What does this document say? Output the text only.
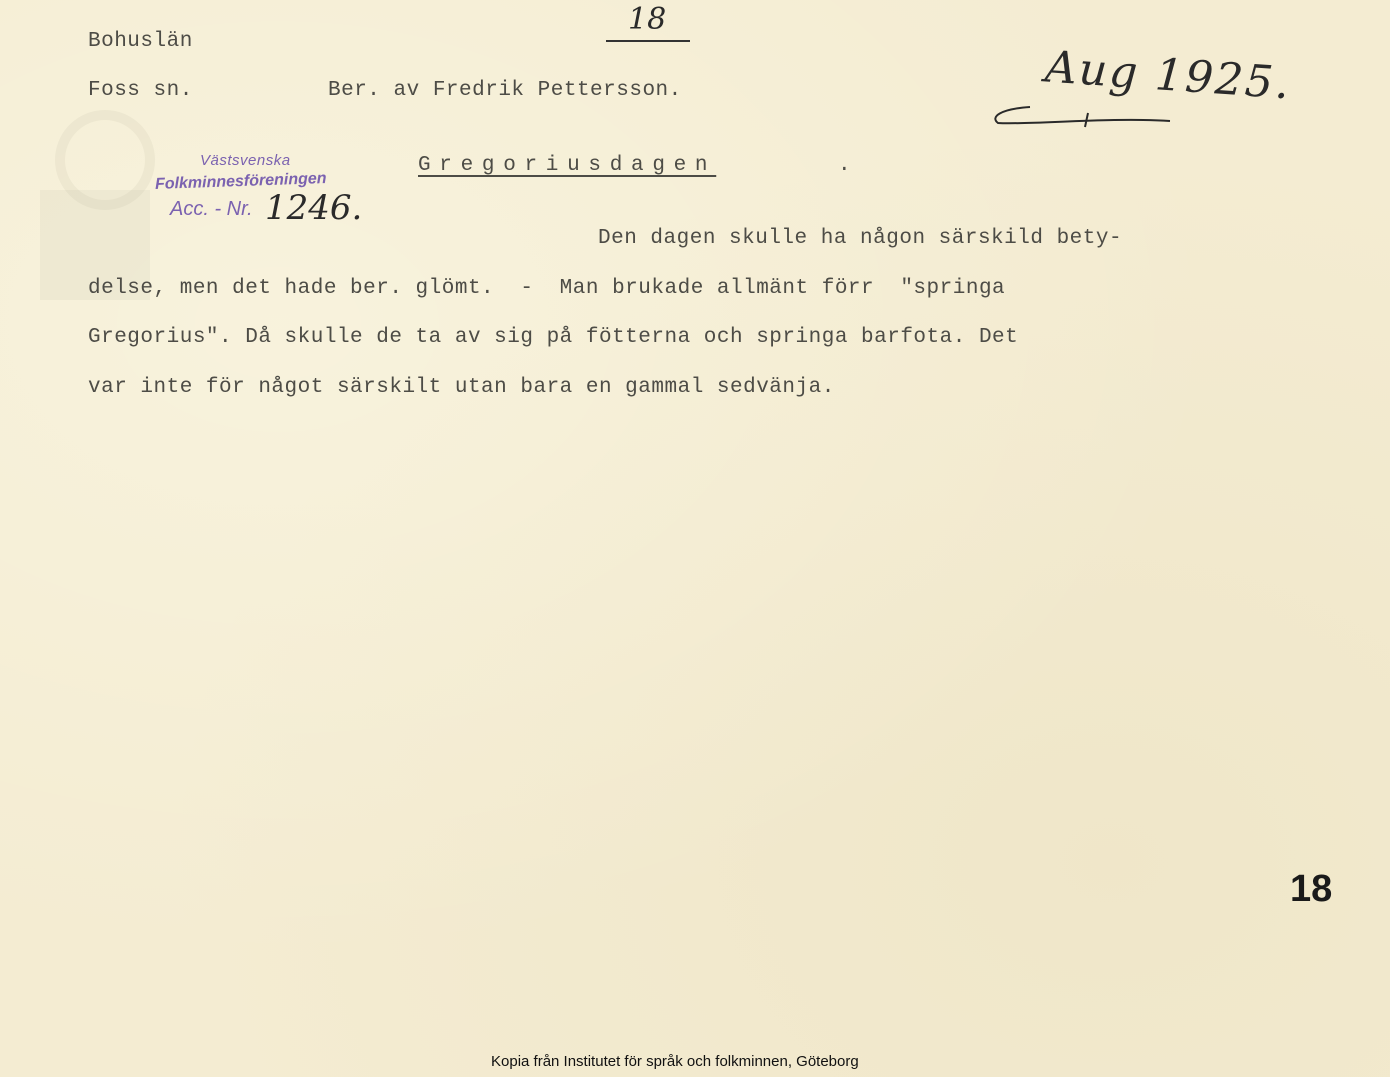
Bohuslän
Foss sn.	Ber. av Fredrik Pettersson.
18
Aug 1925.
Västsvenska
Folkminnesföreningen
Acc. - Nr. 1246.
Gregoriusdagen	.
Den dagen skulle ha någon särskild bety-
delse, men det hade ber. glömt.  -  Man brukade allmänt förr  "springa
Gregorius". Då skulle de ta av sig på fötterna och springa barfota. Det
var inte för något särskilt utan bara en gammal sedvänja.
18
Kopia från Institutet för språk och folkminnen, Göteborg
